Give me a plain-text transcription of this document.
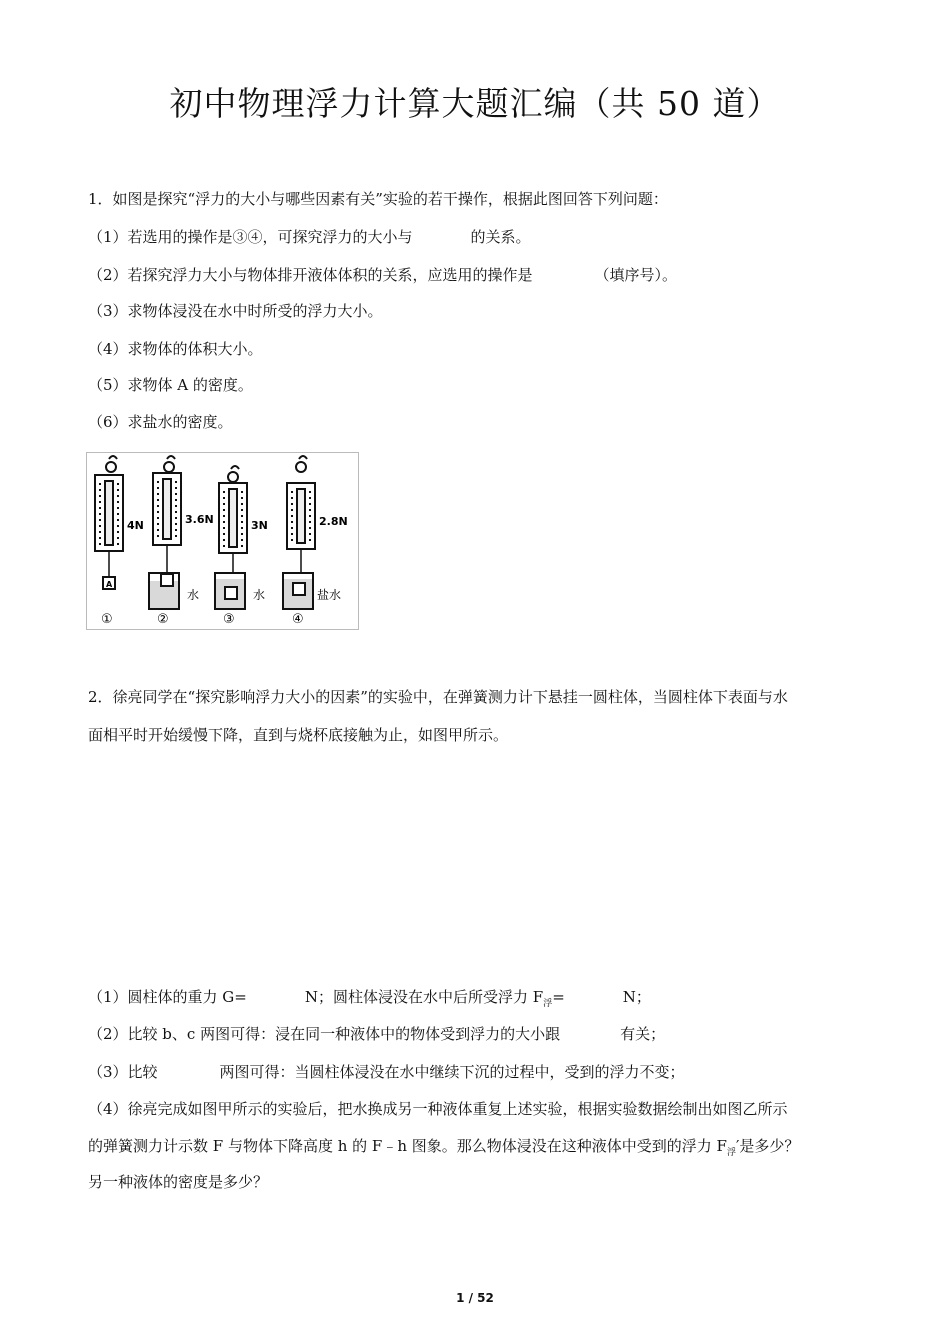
初中物理浮力计算大题汇编（共 50 道）
1．如图是探究“浮力的大小与哪些因素有关”实验的若干操作，根据此图回答下列问题：
（1）若选用的操作是③④，可探究浮力的大小与	的关系。
（2）若探究浮力大小与物体排开液体体积的关系，应选用的操作是	（填序号）。
（3）求物体浸没在水中时所受的浮力大小。
（4）求物体的体积大小。
（5）求物体 A 的密度。
（6）求盐水的密度。
4N
A
①
3.6N
水
②
3N
水
③
2.8N
盐水
④
2．徐亮同学在“探究影响浮力大小的因素”的实验中，在弹簧测力计下悬挂一圆柱体，当圆柱体下表面与水
面相平时开始缓慢下降，直到与烧杯底接触为止，如图甲所示。
（1）圆柱体的重力 G=	N；圆柱体浸没在水中后所受浮力 $F_浮=$	N；
（2）比较 b、c 两图可得：浸在同一种液体中的物体受到浮力的大小跟	有关；
（3）比较	两图可得：当圆柱体浸没在水中继续下沉的过程中，受到的浮力不变；
（4）徐亮完成如图甲所示的实验后，把水换成另一种液体重复上述实验，根据实验数据绘制出如图乙所示
的弹簧测力计示数 F 与物体下降高度 h 的 F﹣h 图象。那么物体浸没在这种液体中受到的浮力 $F_浮'$是多少？
另一种液体的密度是多少？
1 / 52
